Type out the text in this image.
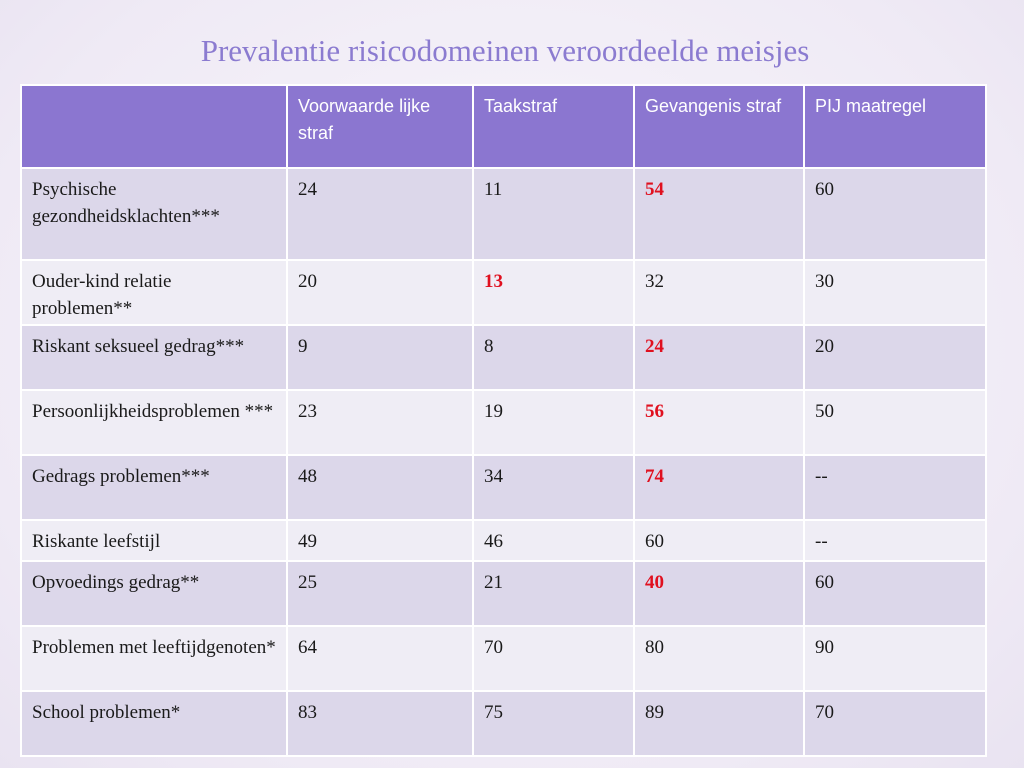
Prevalentie risicodomeinen veroordeelde meisjes
	Voorwaarde lijke straf	Taakstraf	Gevangenis straf	PIJ maatregel
Psychische gezondheidsklachten***	24	11	54	60
Ouder-kind relatie problemen**	20	13	32	30
Riskant seksueel gedrag***	9	8	24	20
Persoonlijkheidsproblemen ***	23	19	56	50
Gedrags problemen***	48	34	74	--
Riskante leefstijl	49	46	60	--
Opvoedings gedrag**	25	21	40	60
Problemen met leeftijdgenoten*	64	70	80	90
School problemen*	83	75	89	70
